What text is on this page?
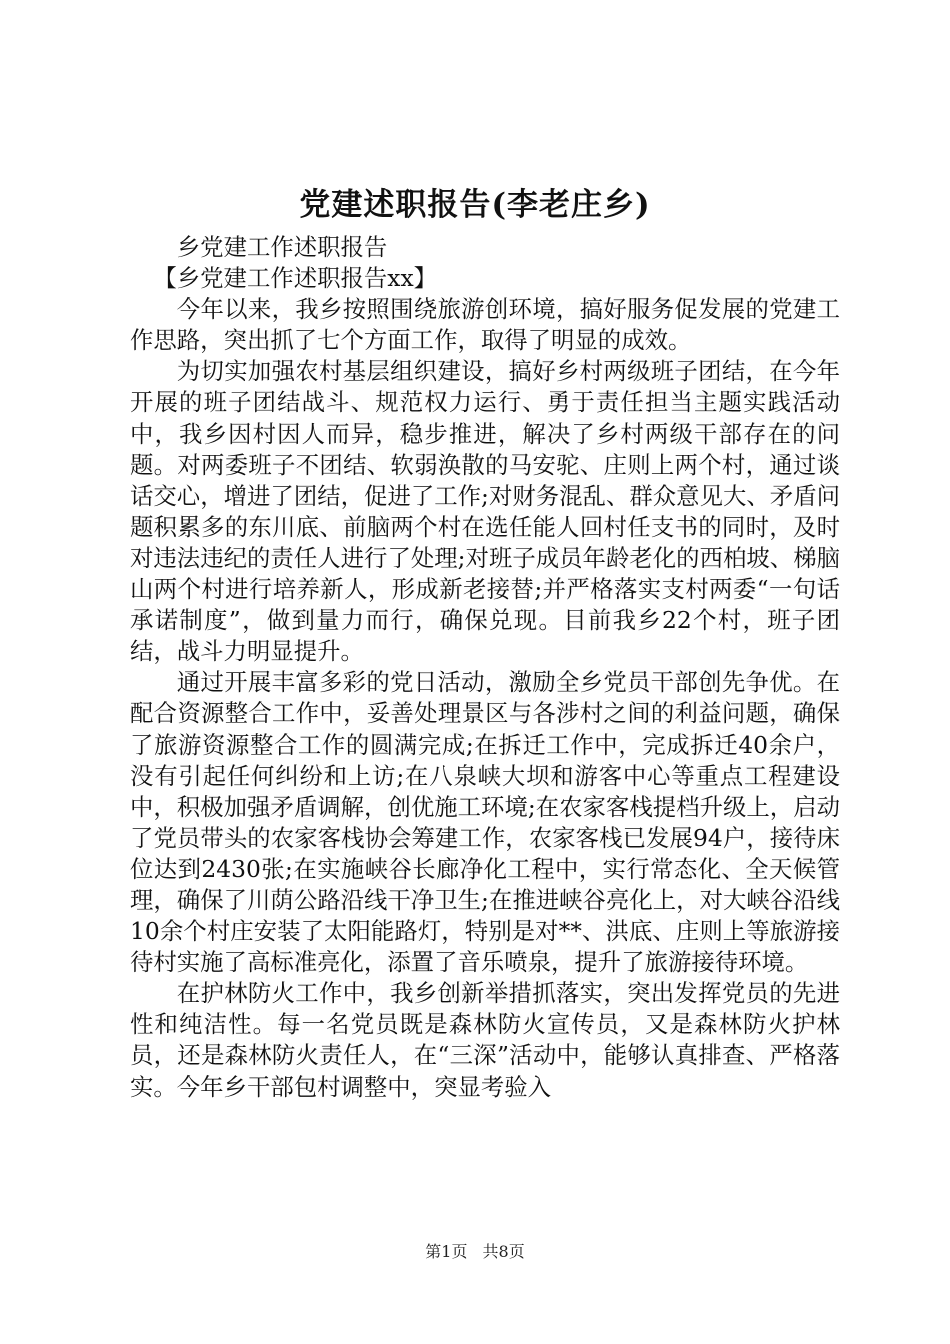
党建述职报告(李老庄乡)

乡党建工作述职报告

【乡党建工作述职报告xx】

今年以来，我乡按照围绕旅游创环境，搞好服务促发展的党建工作思路，突出抓了七个方面工作，取得了明显的成效。

为切实加强农村基层组织建设，搞好乡村两级班子团结，在今年开展的班子团结战斗、规范权力运行、勇于责任担当主题实践活动中，我乡因村因人而异，稳步推进，解决了乡村两级干部存在的问题。对两委班子不团结、软弱涣散的马安驼、庄则上两个村，通过谈话交心，增进了团结，促进了工作;对财务混乱、群众意见大、矛盾问题积累多的东川底、前脑两个村在选任能人回村任支书的同时，及时对违法违纪的责任人进行了处理;对班子成员年龄老化的西柏坡、梯脑山两个村进行培养新人，形成新老接替;并严格落实支村两委“一句话承诺制度”，做到量力而行，确保兑现。目前我乡22个村，班子团结，战斗力明显提升。

通过开展丰富多彩的党日活动，激励全乡党员干部创先争优。在配合资源整合工作中，妥善处理景区与各涉村之间的利益问题，确保了旅游资源整合工作的圆满完成;在拆迁工作中，完成拆迁40余户，没有引起任何纠纷和上访;在八泉峡大坝和游客中心等重点工程建设中，积极加强矛盾调解，创优施工环境;在农家客栈提档升级上，启动了党员带头的农家客栈协会筹建工作，农家客栈已发展94户，接待床位达到2430张;在实施峡谷长廊净化工程中，实行常态化、全天候管理，确保了川荫公路沿线干净卫生;在推进峡谷亮化上，对大峡谷沿线10余个村庄安装了太阳能路灯，特别是对**、洪底、庄则上等旅游接待村实施了高标准亮化，添置了音乐喷泉，提升了旅游接待环境。

在护林防火工作中，我乡创新举措抓落实，突出发挥党员的先进性和纯洁性。每一名党员既是森林防火宣传员，又是森林防火护林员，还是森林防火责任人，在“三深”活动中，能够认真排查、严格落实。今年乡干部包村调整中，突显考验入

第1页 共8页
